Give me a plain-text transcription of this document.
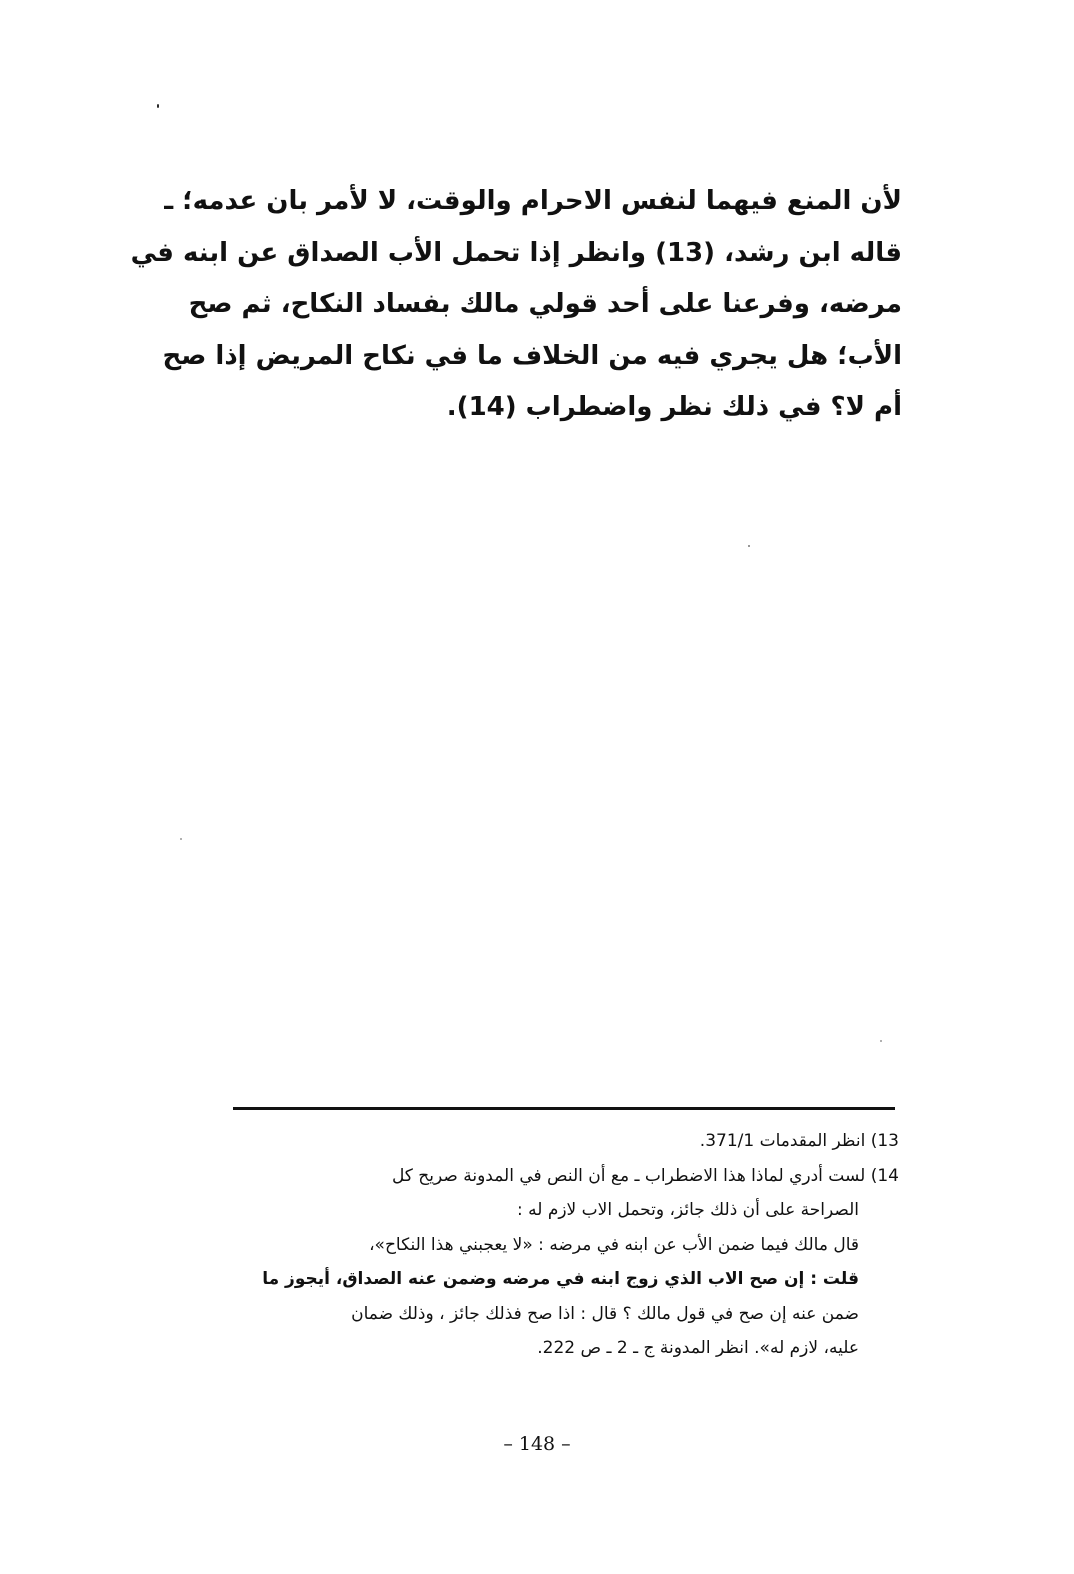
لأن المنع فيهما لنفس الاحرام والوقت، لا لأمر بان عدمه؛ ـ
قاله ابن رشد، (13) وانظر إذا تحمل الأب الصداق عن ابنه في
مرضه، وفرعنا على أحد قولي مالك بفساد النكاح، ثم صح
الأب؛ هل يجري فيه من الخلاف ما في نكاح المريض إذا صح
أم لا؟ في ذلك نظر واضطراب (14).
13) انظر المقدمات 371/1.
14) لست أدري لماذا هذا الاضطراب ـ مع أن النص في المدونة صريح كل
الصراحة على أن ذلك جائز، وتحمل الاب لازم له :
قال مالك فيما ضمن الأب عن ابنه في مرضه : «لا يعجبني هذا النكاح»،
قلت : إن صح الاب الذي زوج ابنه في مرضه وضمن عنه الصداق، أيجوز ما
ضمن عنه إن صح في قول مالك ؟ قال : اذا صح فذلك جائز ، وذلك ضمان
عليه، لازم له». انظر المدونة ج ـ 2 ـ ص 222.
– 148 –
